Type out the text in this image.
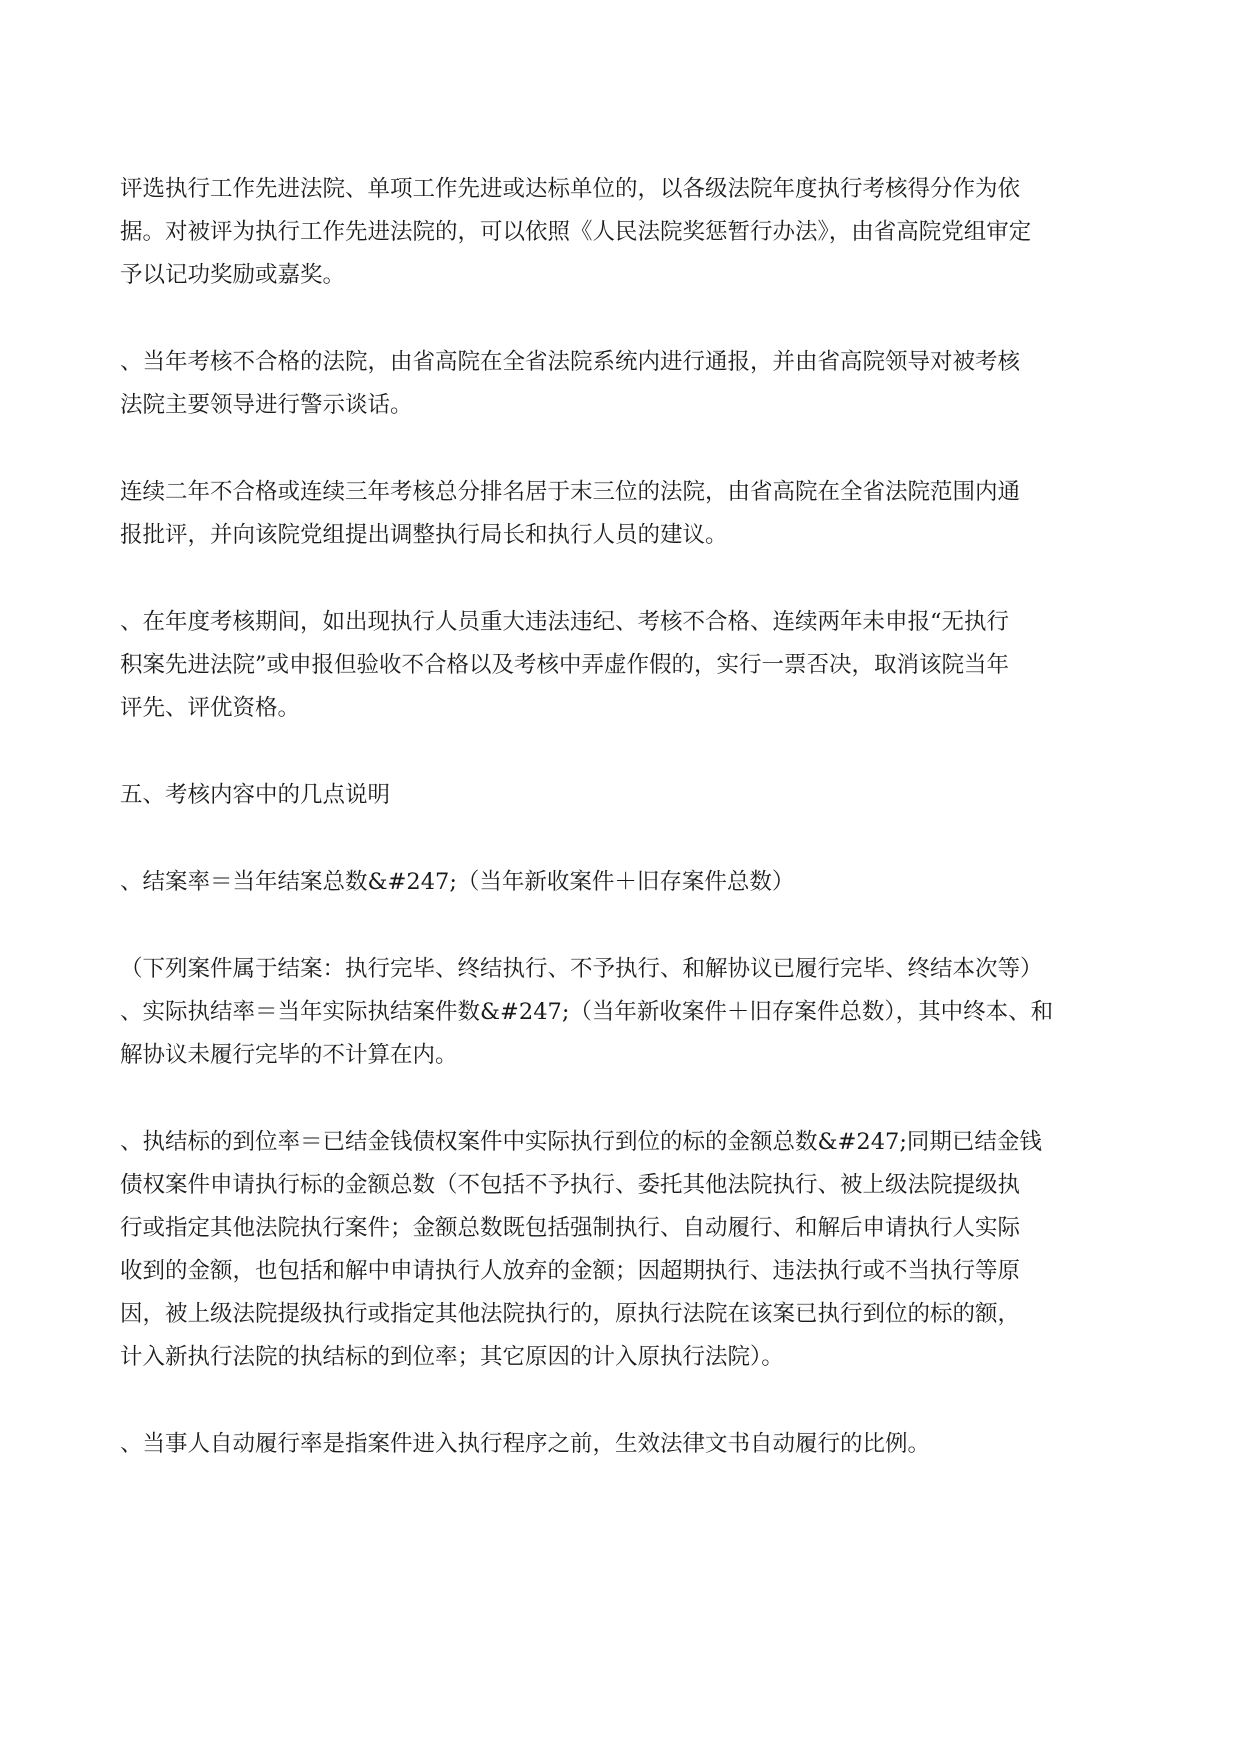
评选执行工作先进法院、单项工作先进或达标单位的，以各级法院年度执行考核得分作为依
据。对被评为执行工作先进法院的，可以依照《人民法院奖惩暂行办法》，由省高院党组审定
予以记功奖励或嘉奖。

、当年考核不合格的法院，由省高院在全省法院系统内进行通报，并由省高院领导对被考核
法院主要领导进行警示谈话。

连续二年不合格或连续三年考核总分排名居于末三位的法院，由省高院在全省法院范围内通
报批评，并向该院党组提出调整执行局长和执行人员的建议。

、在年度考核期间，如出现执行人员重大违法违纪、考核不合格、连续两年未申报“无执行
积案先进法院”或申报但验收不合格以及考核中弄虚作假的，实行一票否决，取消该院当年
评先、评优资格。

五、考核内容中的几点说明

、结案率＝当年结案总数&#247;（当年新收案件＋旧存案件总数）

（下列案件属于结案：执行完毕、终结执行、不予执行、和解协议已履行完毕、终结本次等）
、实际执结率＝当年实际执结案件数&#247;（当年新收案件＋旧存案件总数），其中终本、和
解协议未履行完毕的不计算在内。

、执结标的到位率＝已结金钱债权案件中实际执行到位的标的金额总数&#247;同期已结金钱
债权案件申请执行标的金额总数（不包括不予执行、委托其他法院执行、被上级法院提级执
行或指定其他法院执行案件；金额总数既包括强制执行、自动履行、和解后申请执行人实际
收到的金额，也包括和解中申请执行人放弃的金额；因超期执行、违法执行或不当执行等原
因，被上级法院提级执行或指定其他法院执行的，原执行法院在该案已执行到位的标的额，
计入新执行法院的执结标的到位率；其它原因的计入原执行法院）。

、当事人自动履行率是指案件进入执行程序之前，生效法律文书自动履行的比例。
